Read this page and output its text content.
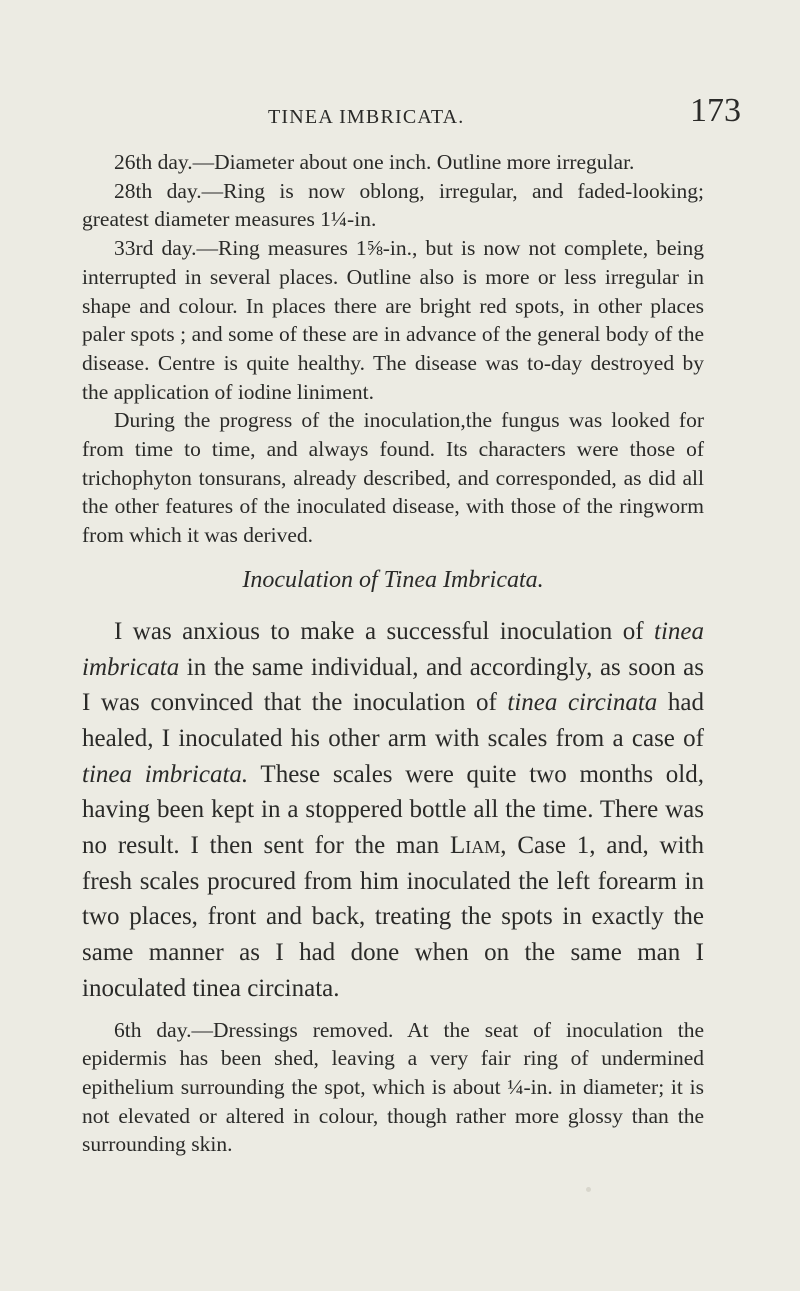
TINEA IMBRICATA.	173

26th day.—Diameter about one inch. Outline more irregular.

28th day.—Ring is now oblong, irregular, and faded-looking; greatest diameter measures 1¼-in.

33rd day.—Ring measures 1⅝-in., but is now not complete, being interrupted in several places. Outline also is more or less irregular in shape and colour. In places there are bright red spots, in other places paler spots ; and some of these are in advance of the general body of the disease. Centre is quite healthy. The disease was to-day destroyed by the application of iodine liniment.

During the progress of the inoculation,the fungus was looked for from time to time, and always found. Its characters were those of trichophyton tonsurans, already described, and corresponded, as did all the other features of the inoculated disease, with those of the ringworm from which it was derived.

Inoculation of Tinea Imbricata.

I was anxious to make a successful inoculation of tinea imbricata in the same individual, and accordingly, as soon as I was convinced that the inoculation of tinea circinata had healed, I inoculated his other arm with scales from a case of tinea imbricata. These scales were quite two months old, having been kept in a stoppered bottle all the time. There was no result. I then sent for the man Liam, Case 1, and, with fresh scales procured from him inoculated the left forearm in two places, front and back, treating the spots in exactly the same manner as I had done when on the same man I inoculated tinea circinata.

6th day.—Dressings removed. At the seat of inoculation the epidermis has been shed, leaving a very fair ring of undermined epithelium surrounding the spot, which is about ¼-in. in diameter; it is not elevated or altered in colour, though rather more glossy than the surrounding skin.
